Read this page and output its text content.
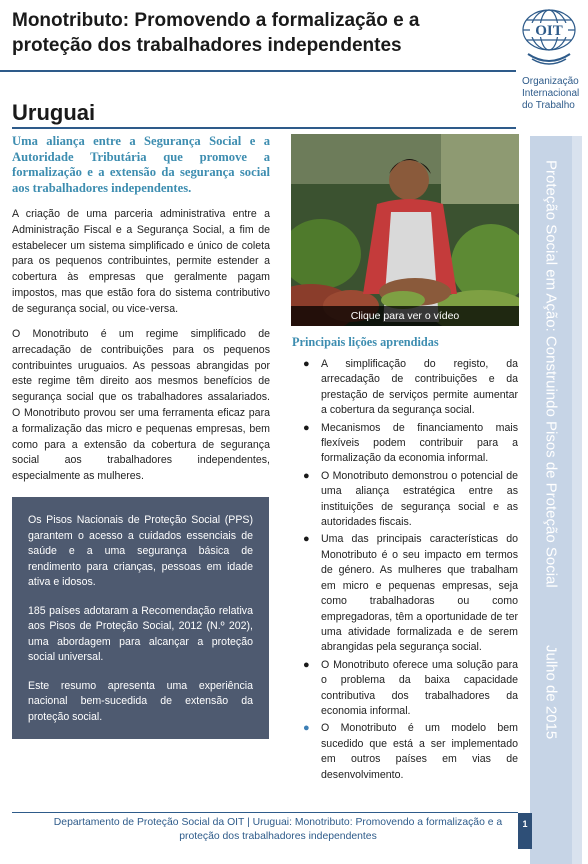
Monotributo: Promovendo a formalização e a proteção dos trabalhadores independentes
OIT
Organização Internacional do Trabalho
Uruguai
Uma aliança entre a Segurança Social e a Autoridade Tributária que promove a formalização e a extensão da segurança social aos trabalhadores independentes.
A criação de uma parceria administrativa entre a Administração Fiscal e a Segurança Social, a fim de estabelecer um sistema simplificado e único de coleta para os pequenos contribuintes, permite estender a cobertura às empresas que geralmente pagam impostos, mas que estão fora do sistema contributivo de segurança social, ou vice-versa.
O Monotributo é um regime simplificado de arrecadação de contribuições para os pequenos contribuintes uruguaios. As pessoas abrangidas por este regime têm direito aos mesmos benefícios de segurança social que os trabalhadores assalariados. O Monotributo provou ser uma ferramenta eficaz para a formalização das micro e pequenas empresas, bem como para a extensão da cobertura de segurança social aos trabalhadores independentes, especialmente as mulheres.

Os Pisos Nacionais de Proteção Social (PPS) garantem o acesso a cuidados essenciais de saúde e a uma segurança básica de rendimento para crianças, pessoas em idade ativa e idosos.

185 países adotaram a Recomendação relativa aos Pisos de Proteção Social, 2012 (N.º 202), uma abordagem para alcançar a proteção social universal.

Este resumo apresenta uma experiência nacional bem-sucedida de extensão da proteção social.

Clique para ver o vídeo
Principais lições aprendidas
● A simplificação do registo, da arrecadação de contribuições e da prestação de serviços permite aumentar a cobertura da segurança social.
● Mecanismos de financiamento mais flexíveis podem contribuir para a formalização da economia informal.
● O Monotributo demonstrou o potencial de uma aliança estratégica entre as instituições de segurança social e as autoridades fiscais.
● Uma das principais características do Monotributo é o seu impacto em termos de género. As mulheres que trabalham em micro e pequenas empresas, seja como trabalhadoras ou como empregadoras, têm a oportunidade de ter uma atividade formalizada e de serem abrangidas pela segurança social.
● O Monotributo oferece uma solução para o problema da baixa capacidade contributiva dos trabalhadores da economia informal.
● O Monotributo é um modelo bem sucedido que está a ser implementado em outros países em vias de desenvolvimento.
Proteção Social em Ação: Construindo Pisos de Proteção Social
Julho de 2015
Departamento de Proteção Social da OIT | Uruguai: Monotributo: Promovendo a formalização e a proteção dos trabalhadores independentes
1
